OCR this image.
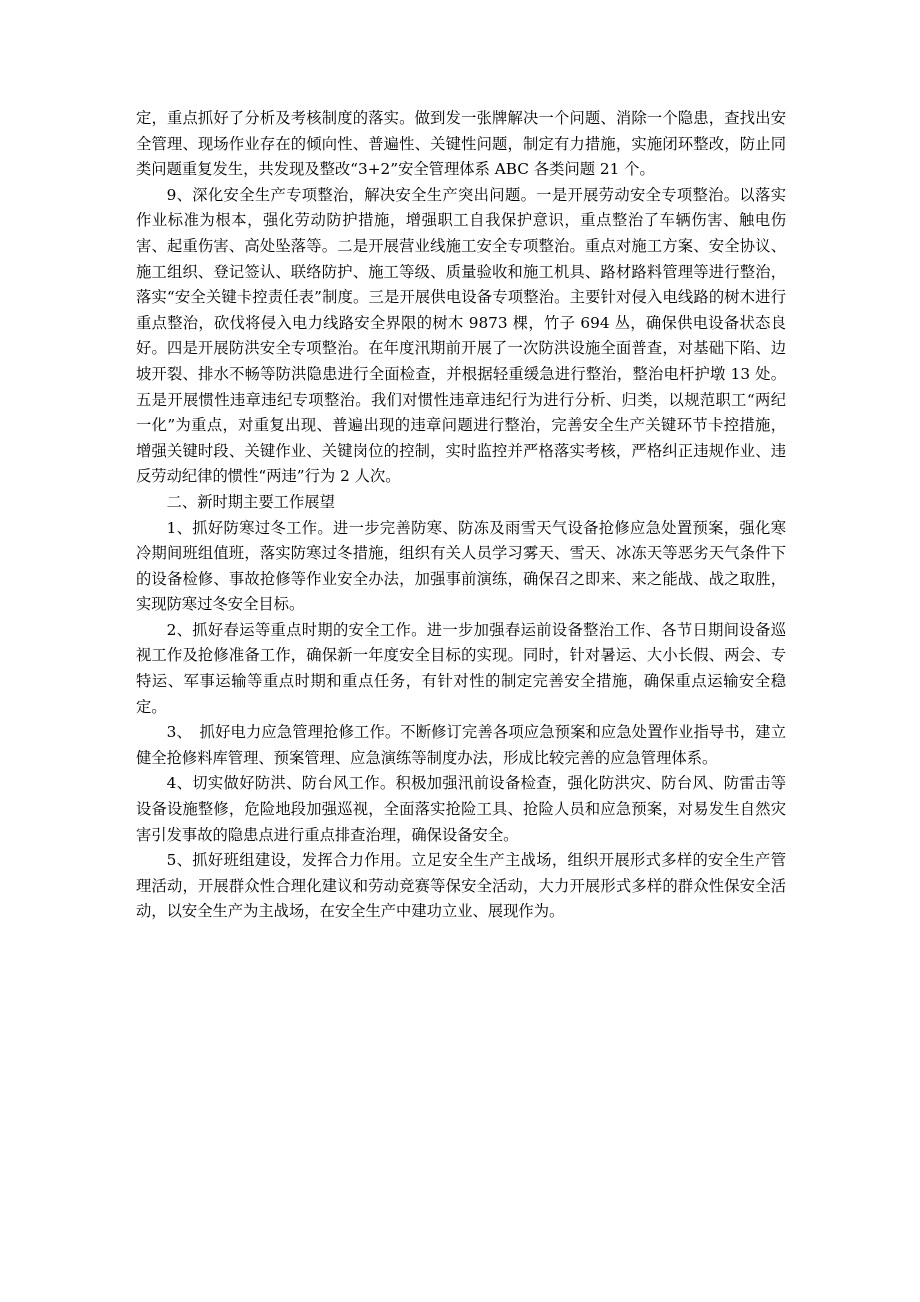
定，重点抓好了分析及考核制度的落实。做到发一张牌解决一个问题、消除一个隐患，查找出安全管理、现场作业存在的倾向性、普遍性、关键性问题，制定有力措施，实施闭环整改，防止同类问题重复发生，共发现及整改“3+2”安全管理体系 ABC 各类问题 21 个。

9、深化安全生产专项整治，解决安全生产突出问题。一是开展劳动安全专项整治。以落实作业标准为根本，强化劳动防护措施，增强职工自我保护意识，重点整治了车辆伤害、触电伤害、起重伤害、高处坠落等。二是开展营业线施工安全专项整治。重点对施工方案、安全协议、施工组织、登记签认、联络防护、施工等级、质量验收和施工机具、路材路料管理等进行整治，落实“安全关键卡控责任表”制度。三是开展供电设备专项整治。主要针对侵入电线路的树木进行重点整治，砍伐将侵入电力线路安全界限的树木 9873 棵，竹子 694 丛，确保供电设备状态良好。四是开展防洪安全专项整治。在年度汛期前开展了一次防洪设施全面普查，对基础下陷、边坡开裂、排水不畅等防洪隐患进行全面检查，并根据轻重缓急进行整治，整治电杆护墩 13 处。五是开展惯性违章违纪专项整治。我们对惯性违章违纪行为进行分析、归类，以规范职工“两纪一化”为重点，对重复出现、普遍出现的违章问题进行整治，完善安全生产关键环节卡控措施，增强关键时段、关键作业、关键岗位的控制，实时监控并严格落实考核，严格纠正违规作业、违反劳动纪律的惯性“两违”行为 2 人次。

二、新时期主要工作展望

1、抓好防寒过冬工作。进一步完善防寒、防冻及雨雪天气设备抢修应急处置预案，强化寒冷期间班组值班，落实防寒过冬措施，组织有关人员学习雾天、雪天、冰冻天等恶劣天气条件下的设备检修、事故抢修等作业安全办法，加强事前演练，确保召之即来、来之能战、战之取胜，实现防寒过冬安全目标。

2、抓好春运等重点时期的安全工作。进一步加强春运前设备整治工作、各节日期间设备巡视工作及抢修准备工作，确保新一年度安全目标的实现。同时，针对暑运、大小长假、两会、专特运、军事运输等重点时期和重点任务，有针对性的制定完善安全措施，确保重点运输安全稳定。

3、　抓好电力应急管理抢修工作。不断修订完善各项应急预案和应急处置作业指导书，建立健全抢修料库管理、预案管理、应急演练等制度办法，形成比较完善的应急管理体系。

4、切实做好防洪、防台风工作。积极加强汛前设备检查，强化防洪灾、防台风、防雷击等设备设施整修，危险地段加强巡视，全面落实抢险工具、抢险人员和应急预案，对易发生自然灾害引发事故的隐患点进行重点排查治理，确保设备安全。

5、抓好班组建设，发挥合力作用。立足安全生产主战场，组织开展形式多样的安全生产管理活动，开展群众性合理化建议和劳动竞赛等保安全活动，大力开展形式多样的群众性保安全活动，以安全生产为主战场，在安全生产中建功立业、展现作为。
